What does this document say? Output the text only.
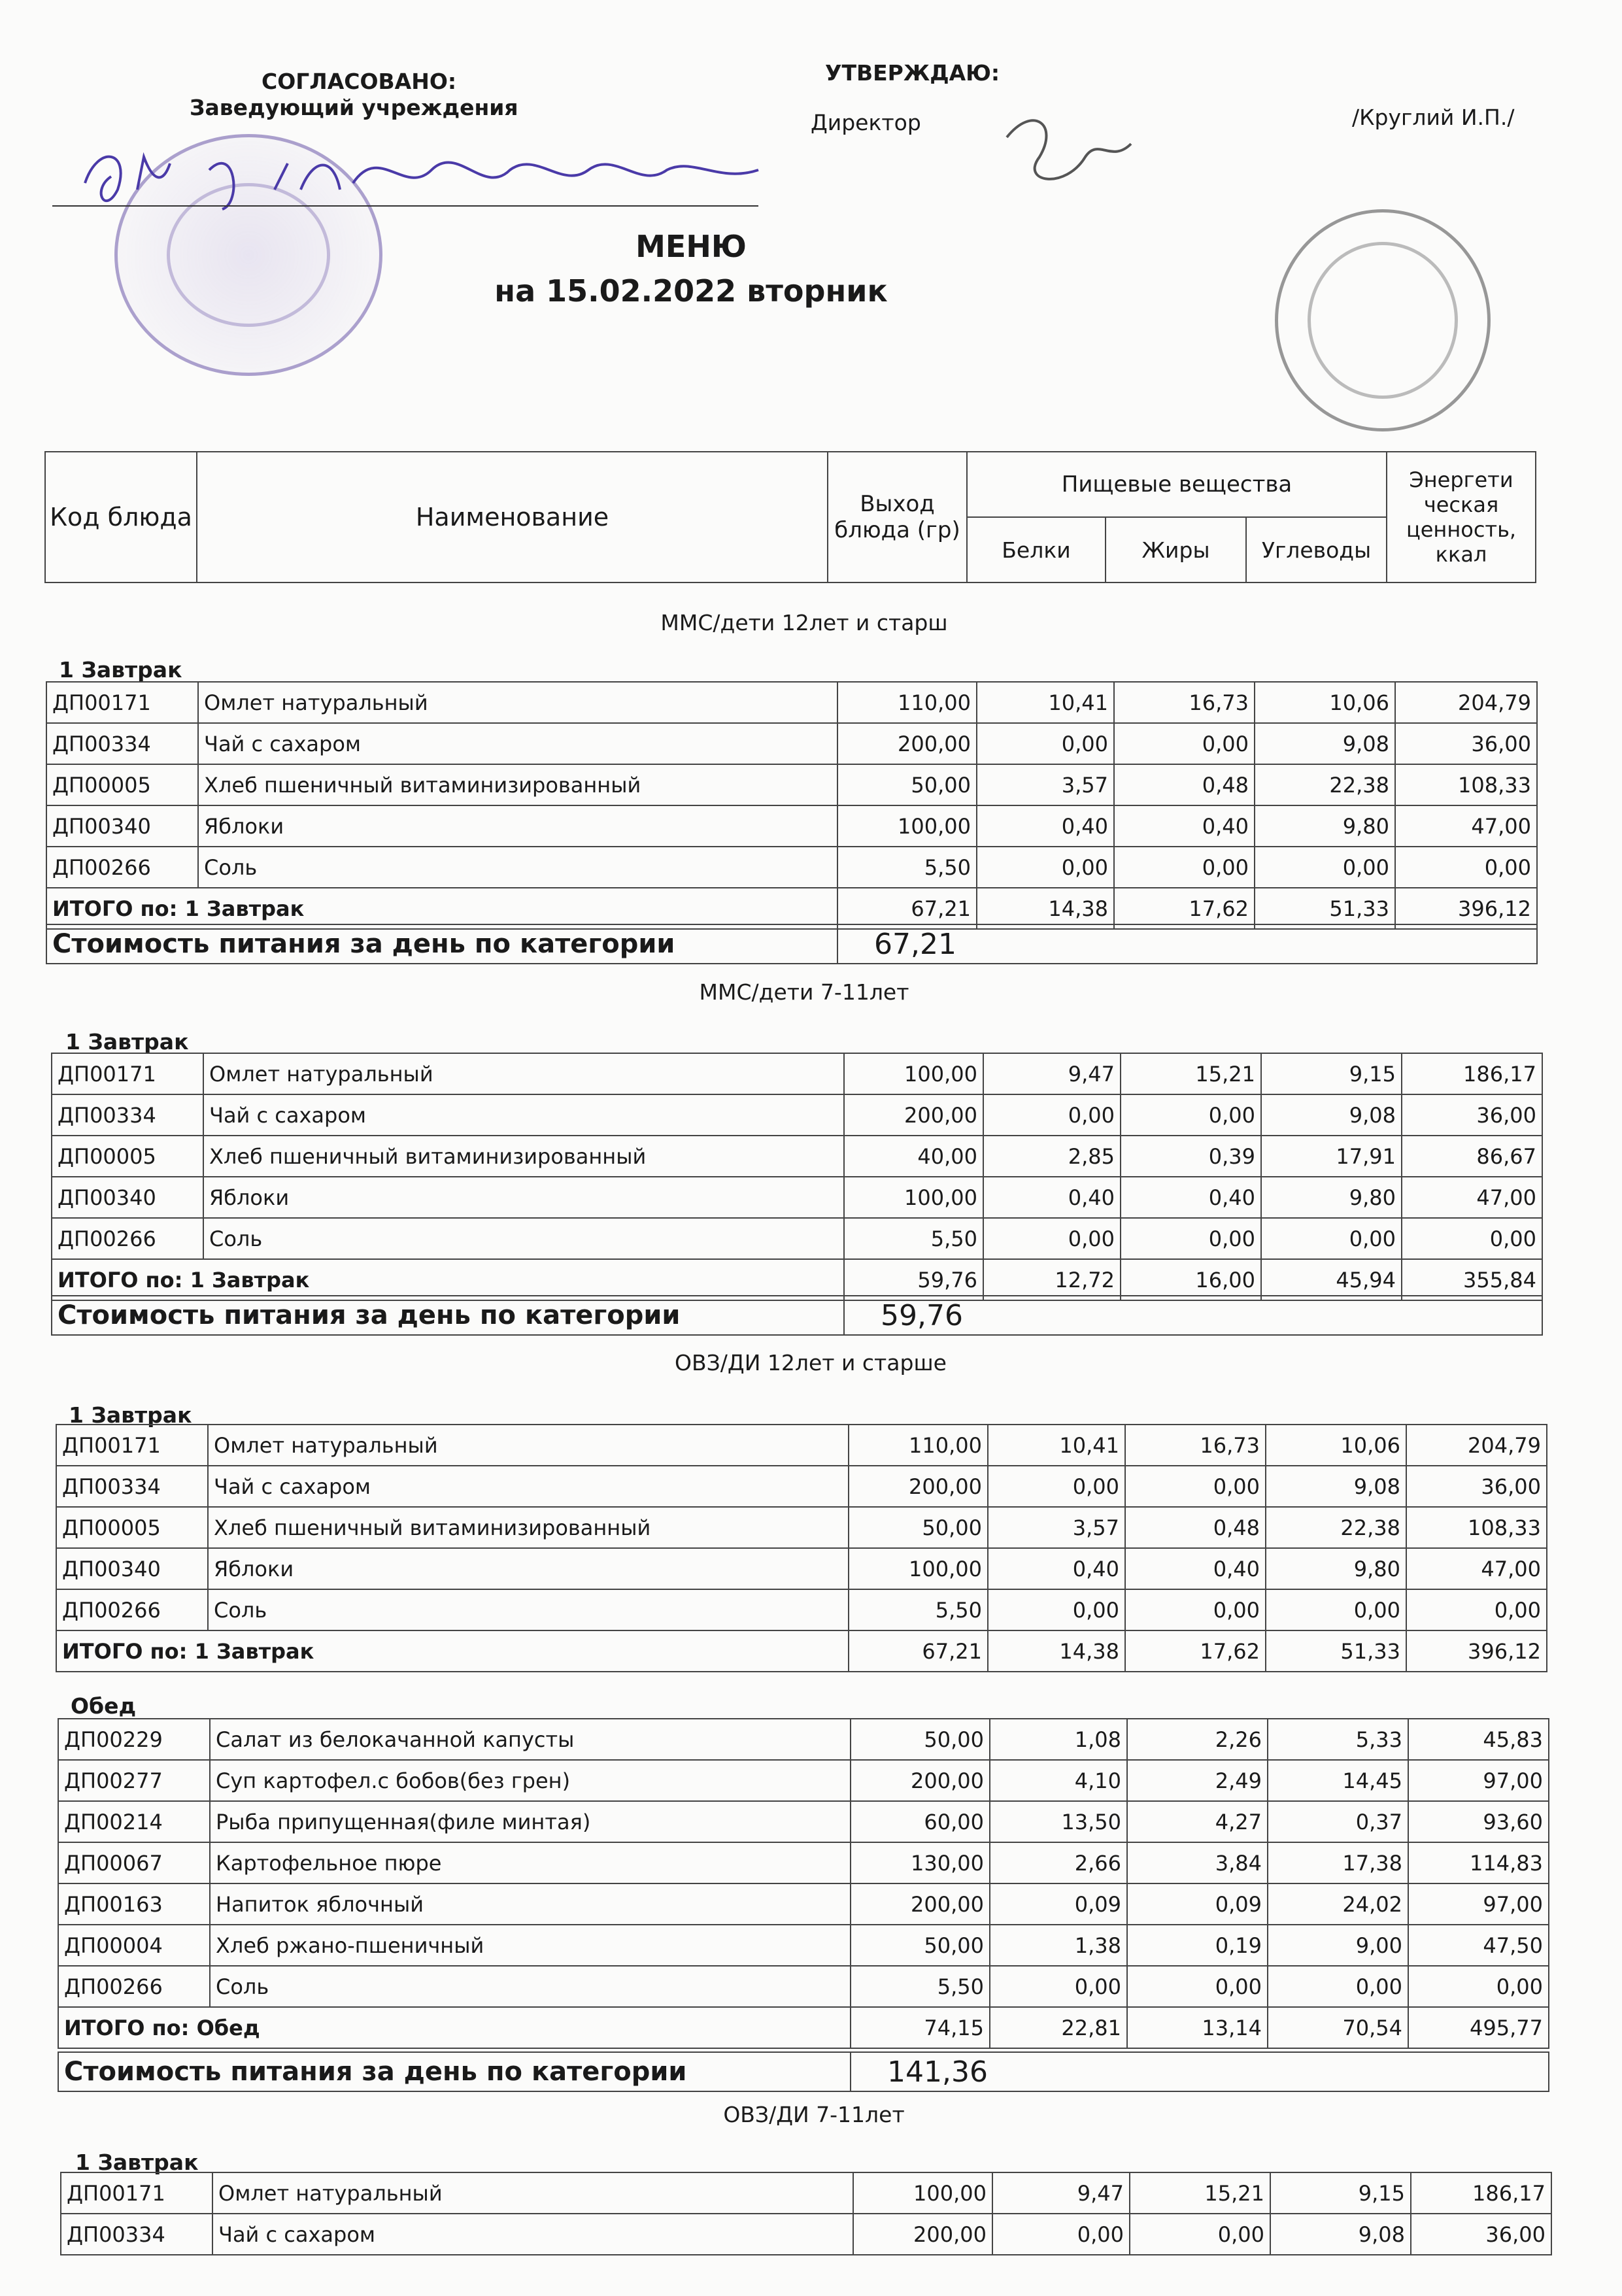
СОГЛАСОВАНО:
Заведующий учреждения
УТВЕРЖДАЮ:
Директор	/Круглий И.П./
МЕНЮ
на 15.02.2022 вторник
Код блюда	Наименование	Выход блюда (гр)	Пищевые вещества			Энергети ческая ценность, ккал
			Белки	Жиры	Углеводы	
ММС/дети 12лет и старш
1 Завтрак
ДП00171	Омлет натуральный	110,00	10,41	16,73	10,06	204,79
ДП00334	Чай с сахаром	200,00	0,00	0,00	9,08	36,00
ДП00005	Хлеб пшеничный витаминизированный	50,00	3,57	0,48	22,38	108,33
ДП00340	Яблоки	100,00	0,40	0,40	9,80	47,00
ДП00266	Соль	5,50	0,00	0,00	0,00	0,00
ИТОГО по: 1 Завтрак		67,21	14,38	17,62	51,33	396,12
Стоимость питания за день по категории	67,21
ММС/дети 7-11лет
1 Завтрак
ДП00171	Омлет натуральный	100,00	9,47	15,21	9,15	186,17
ДП00334	Чай с сахаром	200,00	0,00	0,00	9,08	36,00
ДП00005	Хлеб пшеничный витаминизированный	40,00	2,85	0,39	17,91	86,67
ДП00340	Яблоки	100,00	0,40	0,40	9,80	47,00
ДП00266	Соль	5,50	0,00	0,00	0,00	0,00
ИТОГО по: 1 Завтрак		59,76	12,72	16,00	45,94	355,84
Стоимость питания за день по категории	59,76
ОВЗ/ДИ 12лет и старше
1 Завтрак
ДП00171	Омлет натуральный	110,00	10,41	16,73	10,06	204,79
ДП00334	Чай с сахаром	200,00	0,00	0,00	9,08	36,00
ДП00005	Хлеб пшеничный витаминизированный	50,00	3,57	0,48	22,38	108,33
ДП00340	Яблоки	100,00	0,40	0,40	9,80	47,00
ДП00266	Соль	5,50	0,00	0,00	0,00	0,00
ИТОГО по: 1 Завтрак		67,21	14,38	17,62	51,33	396,12
Обед
ДП00229	Салат из белокачанной капусты	50,00	1,08	2,26	5,33	45,83
ДП00277	Суп картофел.с бобов(без грен)	200,00	4,10	2,49	14,45	97,00
ДП00214	Рыба припущенная(филе минтая)	60,00	13,50	4,27	0,37	93,60
ДП00067	Картофельное пюре	130,00	2,66	3,84	17,38	114,83
ДП00163	Напиток яблочный	200,00	0,09	0,09	24,02	97,00
ДП00004	Хлеб ржано-пшеничный	50,00	1,38	0,19	9,00	47,50
ДП00266	Соль	5,50	0,00	0,00	0,00	0,00
ИТОГО по: Обед		74,15	22,81	13,14	70,54	495,77
Стоимость питания за день по категории	141,36
ОВЗ/ДИ 7-11лет
1 Завтрак
ДП00171	Омлет натуральный	100,00	9,47	15,21	9,15	186,17
ДП00334	Чай с сахаром	200,00	0,00	0,00	9,08	36,00
